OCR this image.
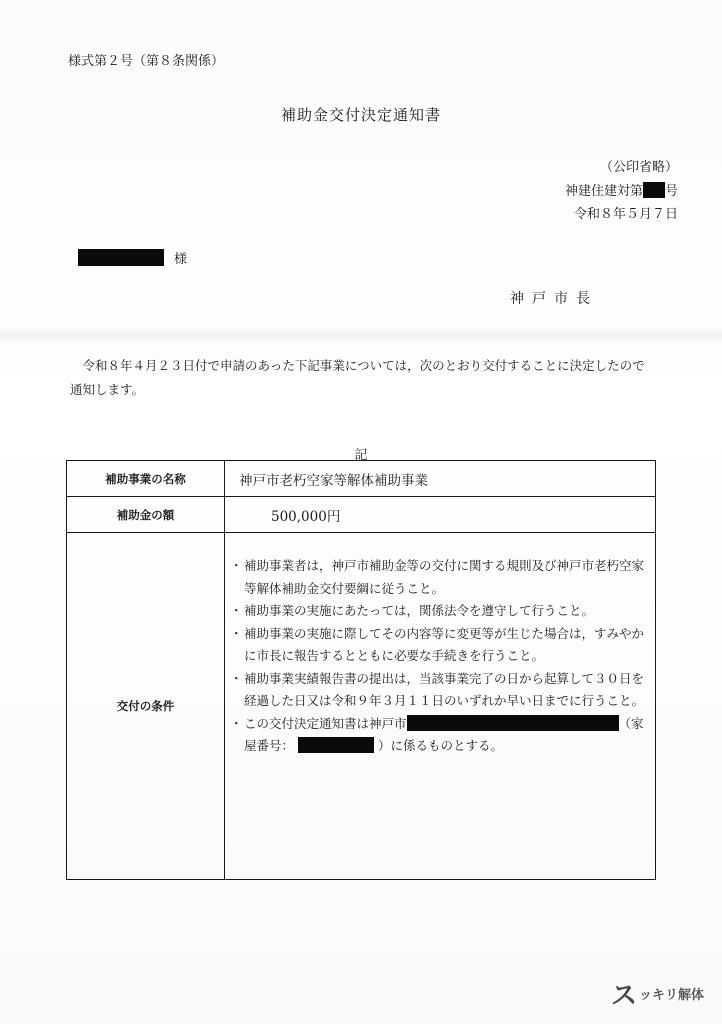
様式第２号（第８条関係）
補助金交付決定通知書
（公印省略）
神建住建対第 号
令和８年５月７日
様
神戸市長
令和８年４月２３日付で申請のあった下記事業については，次のとおり交付することに決定したので
通知します。
記
補助事業の名称	神戸市老朽空家等解体補助事業
補助金の額	500,000円
交付の条件
・ 補助事業者は，神戸市補助金等の交付に関する規則及び神戸市老朽空家等解体補助金交付要綱に従うこと。
・ 補助事業の実施にあたっては，関係法令を遵守して行うこと。
・ 補助事業の実施に際してその内容等に変更等が生じた場合は，すみやかに市長に報告するとともに必要な手続きを行うこと。
・ 補助事業実績報告書の提出は，当該事業完了の日から起算して３０日を経過した日又は令和９年３月１１日のいずれか早い日までに行うこと。
・ この交付決定通知書は神戸市	（家屋番号：	）に係るものとする。
ス ッキリ解体
